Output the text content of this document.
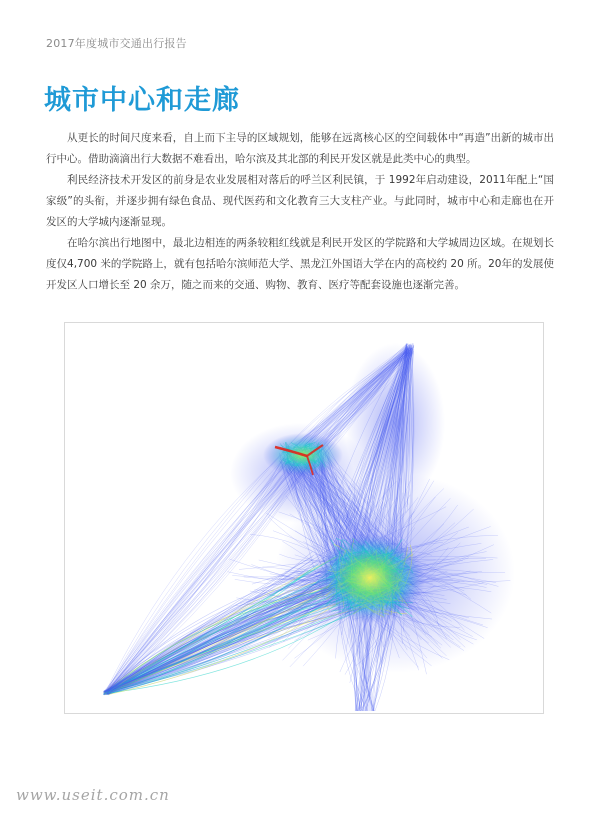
2017年度城市交通出行报告
城市中心和走廊

从更长的时间尺度来看，自上而下主导的区域规划，能够在远离核心区的空间载体中“再造”出新的城市出行中心。借助滴滴出行大数据不难看出，哈尔滨及其北部的利民开发区就是此类中心的典型。

利民经济技术开发区的前身是农业发展相对落后的呼兰区利民镇，于 1992年启动建设，2011年配上“国家级”的头衔，并逐步拥有绿色食品、现代医药和文化教育三大支柱产业。与此同时，城市中心和走廊也在开发区的大学城内逐渐显现。

在哈尔滨出行地图中，最北边相连的两条较粗红线就是利民开发区的学院路和大学城周边区域。在规划长度仅4,700 米的学院路上，就有包括哈尔滨师范大学、黑龙江外国语大学在内的高校约 20 所。20年的发展使开发区人口增长至 20 余万，随之而来的交通、购物、教育、医疗等配套设施也逐渐完善。

www.useit.com.cn
